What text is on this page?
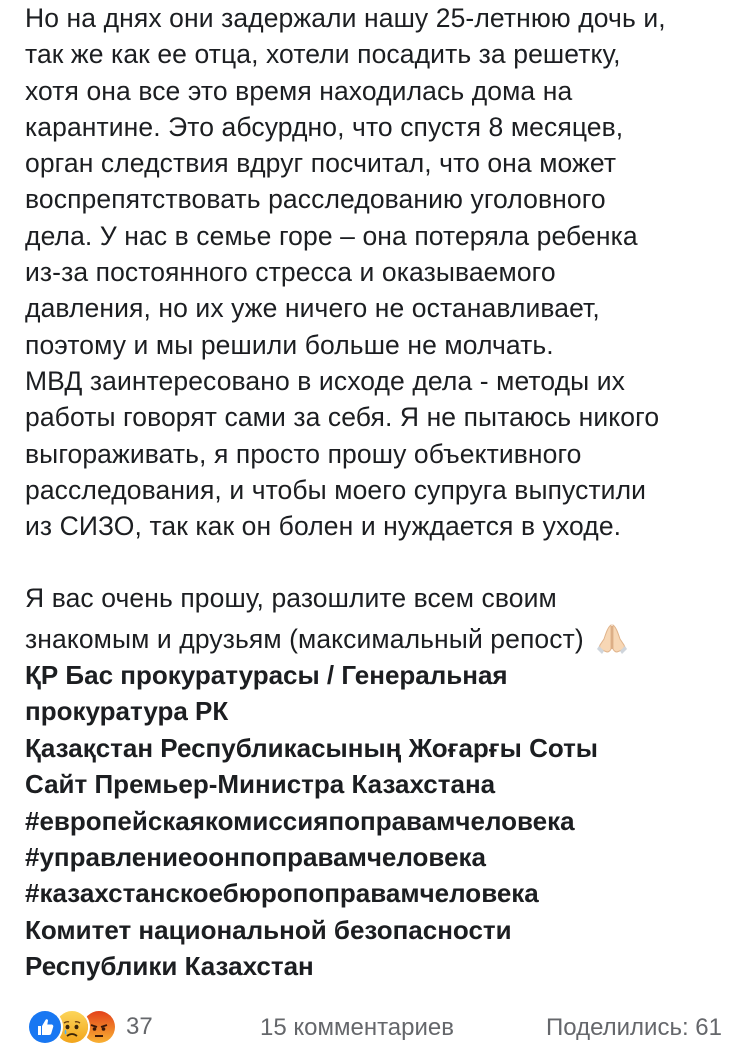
Но на днях они задержали нашу 25-летнюю дочь и,
так же как ее отца, хотели посадить за решетку,
хотя она все это время находилась дома на
карантине. Это абсурдно, что спустя 8 месяцев,
орган следствия вдруг посчитал, что она может
воспрепятствовать расследованию уголовного
дела. У нас в семье горе – она потеряла ребенка
из-за постоянного стресса и оказываемого
давления, но их уже ничего не останавливает,
поэтому и мы решили больше не молчать.
МВД заинтересовано в исходе дела - методы их
работы говорят сами за себя. Я не пытаюсь никого
выгораживать, я просто прошу объективного
расследования, и чтобы моего супруга выпустили
из СИЗО, так как он болен и нуждается в уходе.
Я вас очень прошу, разошлите всем своим
знакомым и друзьям (максимальный репост)
ҚР Бас прокуратурасы / Генеральная
прокуратура РК
Қазақстан Республикасының Жоғарғы Соты
Сайт Премьер-Министра Казахстана
#европейскаякомиссияпоправамчеловека
#управлениеоонпоправамчеловека
#казахстанскоебюропоправамчеловека
Комитет национальной безопасности
Республики Казахстан
37	15 комментариев	Поделились: 61
